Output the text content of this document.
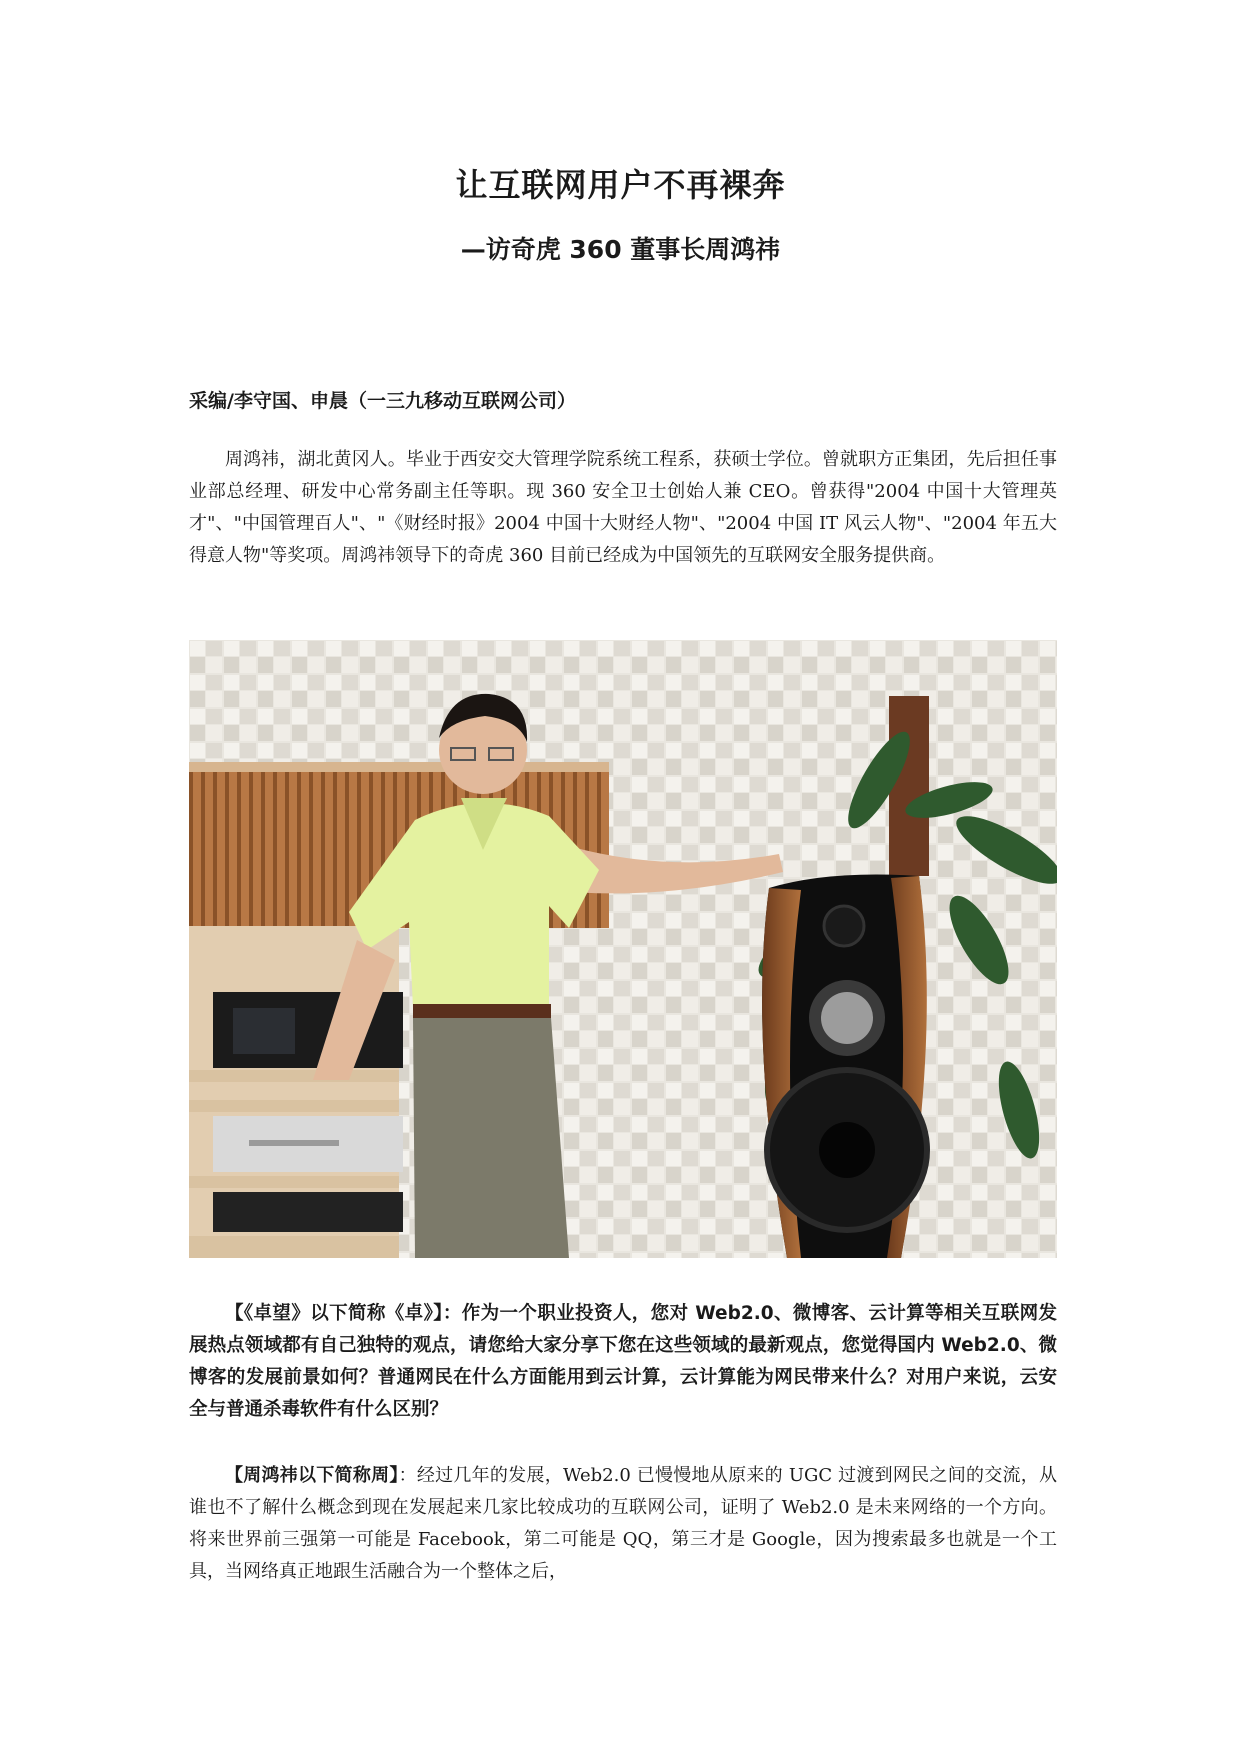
让互联网用户不再裸奔
—访奇虎 360 董事长周鸿祎
采编/李守国、申晨（一三九移动互联网公司）
周鸿祎，湖北黄冈人。毕业于西安交大管理学院系统工程系，获硕士学位。曾就职方正集团，先后担任事业部总经理、研发中心常务副主任等职。现 360 安全卫士创始人兼 CEO。曾获得"2004 中国十大管理英才"、"中国管理百人"、"《财经时报》2004 中国十大财经人物"、"2004 中国 IT 风云人物"、"2004 年五大得意人物"等奖项。周鸿祎领导下的奇虎 360 目前已经成为中国领先的互联网安全服务提供商。
【《卓望》以下简称《卓》】：作为一个职业投资人，您对 Web2.0、微博客、云计算等相关互联网发展热点领域都有自己独特的观点，请您给大家分享下您在这些领域的最新观点，您觉得国内 Web2.0、微博客的发展前景如何？普通网民在什么方面能用到云计算，云计算能为网民带来什么？对用户来说，云安全与普通杀毒软件有什么区别？
【周鸿祎以下简称周】：经过几年的发展，Web2.0 已慢慢地从原来的 UGC 过渡到网民之间的交流，从谁也不了解什么概念到现在发展起来几家比较成功的互联网公司，证明了 Web2.0 是未来网络的一个方向。将来世界前三强第一可能是 Facebook，第二可能是 QQ，第三才是 Google，因为搜索最多也就是一个工具，当网络真正地跟生活融合为一个整体之后，
